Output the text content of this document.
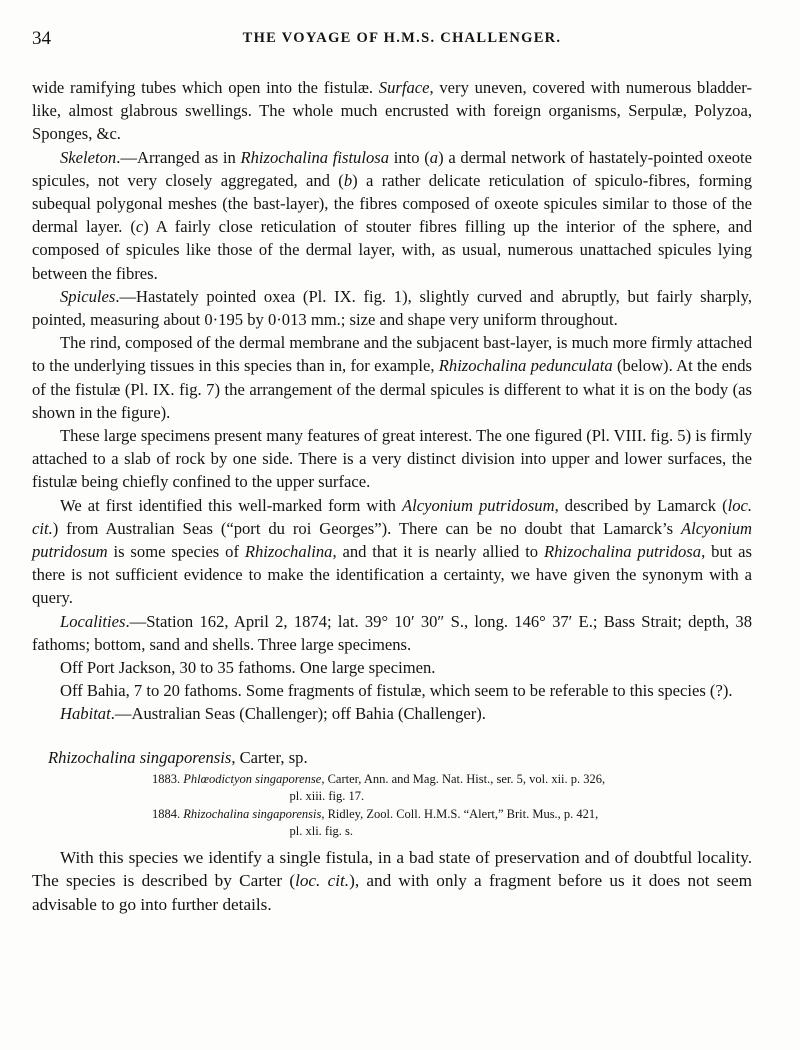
34	THE VOYAGE OF H.M.S. CHALLENGER.

wide ramifying tubes which open into the fistulæ. Surface, very uneven, covered with numerous bladder-like, almost glabrous swellings. The whole much encrusted with foreign organisms, Serpulæ, Polyzoa, Sponges, &c.

Skeleton.—Arranged as in Rhizochalina fistulosa into (a) a dermal network of hastately-pointed oxeote spicules, not very closely aggregated, and (b) a rather delicate reticulation of spiculo-fibres, forming subequal polygonal meshes (the bast-layer), the fibres composed of oxeote spicules similar to those of the dermal layer. (c) A fairly close reticulation of stouter fibres filling up the interior of the sphere, and composed of spicules like those of the dermal layer, with, as usual, numerous unattached spicules lying between the fibres.

Spicules.—Hastately pointed oxea (Pl. IX. fig. 1), slightly curved and abruptly, but fairly sharply, pointed, measuring about 0·195 by 0·013 mm.; size and shape very uniform throughout.

The rind, composed of the dermal membrane and the subjacent bast-layer, is much more firmly attached to the underlying tissues in this species than in, for example, Rhizochalina pedunculata (below). At the ends of the fistulæ (Pl. IX. fig. 7) the arrangement of the dermal spicules is different to what it is on the body (as shown in the figure).

These large specimens present many features of great interest. The one figured (Pl. VIII. fig. 5) is firmly attached to a slab of rock by one side. There is a very distinct division into upper and lower surfaces, the fistulæ being chiefly confined to the upper surface.

We at first identified this well-marked form with Alcyonium putridosum, described by Lamarck (loc. cit.) from Australian Seas (“port du roi Georges”). There can be no doubt that Lamarck’s Alcyonium putridosum is some species of Rhizochalina, and that it is nearly allied to Rhizochalina putridosa, but as there is not sufficient evidence to make the identification a certainty, we have given the synonym with a query.

Localities.—Station 162, April 2, 1874; lat. 39° 10′ 30″ S., long. 146° 37′ E.; Bass Strait; depth, 38 fathoms; bottom, sand and shells. Three large specimens.

Off Port Jackson, 30 to 35 fathoms. One large specimen.

Off Bahia, 7 to 20 fathoms. Some fragments of fistulæ, which seem to be referable to this species (?).

Habitat.—Australian Seas (Challenger); off Bahia (Challenger).

Rhizochalina singaporensis, Carter, sp.

1883. Phlœodictyon singaporense, Carter, Ann. and Mag. Nat. Hist., ser. 5, vol. xii. p. 326,
pl. xiii. fig. 17.

1884. Rhizochalina singaporensis, Ridley, Zool. Coll. H.M.S. “Alert,” Brit. Mus., p. 421,
pl. xli. fig. s.

With this species we identify a single fistula, in a bad state of preservation and of doubtful locality. The species is described by Carter (loc. cit.), and with only a fragment before us it does not seem advisable to go into further details.
